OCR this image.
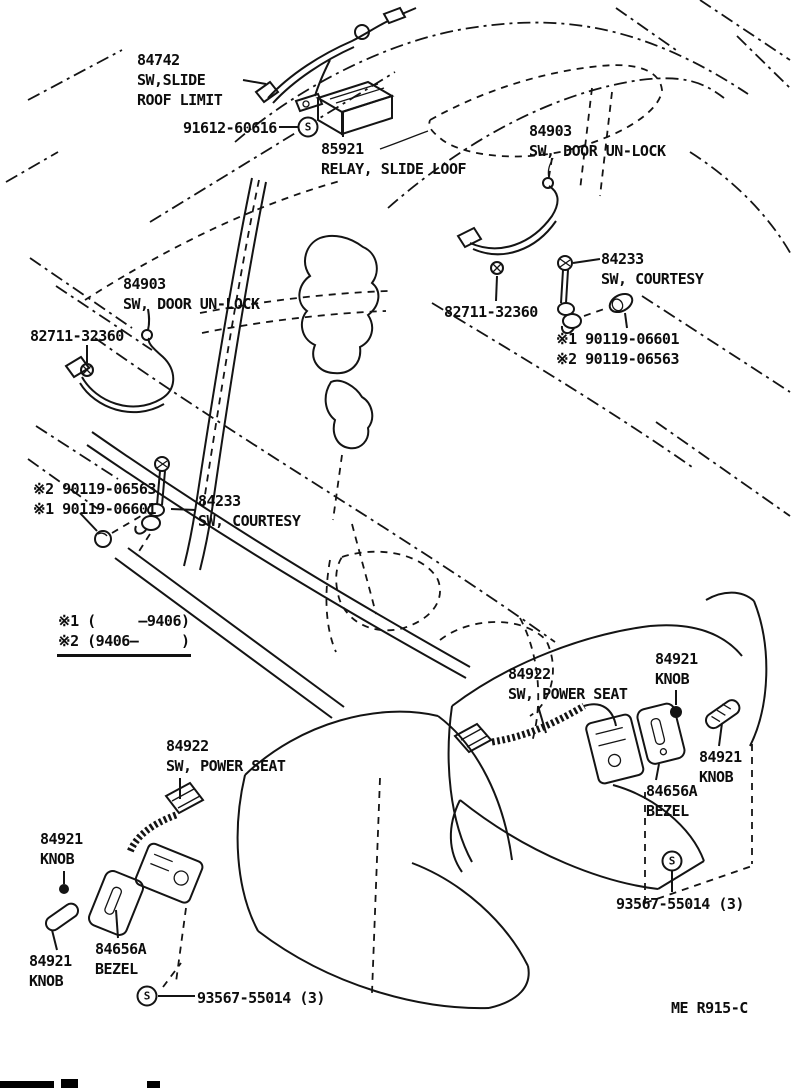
84742
SW,SLIDE
ROOF LIMIT
91612-60616
85921
RELAY, SLIDE LOOF
84903
SW, DOOR UN-LOCK
84233
SW, COURTESY
82711-32360
※1 90119-06601
※2 90119-06563
84903
SW, DOOR UN-LOCK
82711-32360
※2 90119-06563
※1 90119-06601	84233
SW, COURTESY
※1 (     —9406)
※2 (9406—     )
84922
SW, POWER SEAT
84921
KNOB
84921
KNOB
84656A
BEZEL
84922
SW, POWER SEAT
84921
KNOB
84656A
BEZEL
84921
KNOB
93567-55014 (3)
93567-55014 (3)
ME R915-C
S
S
S
